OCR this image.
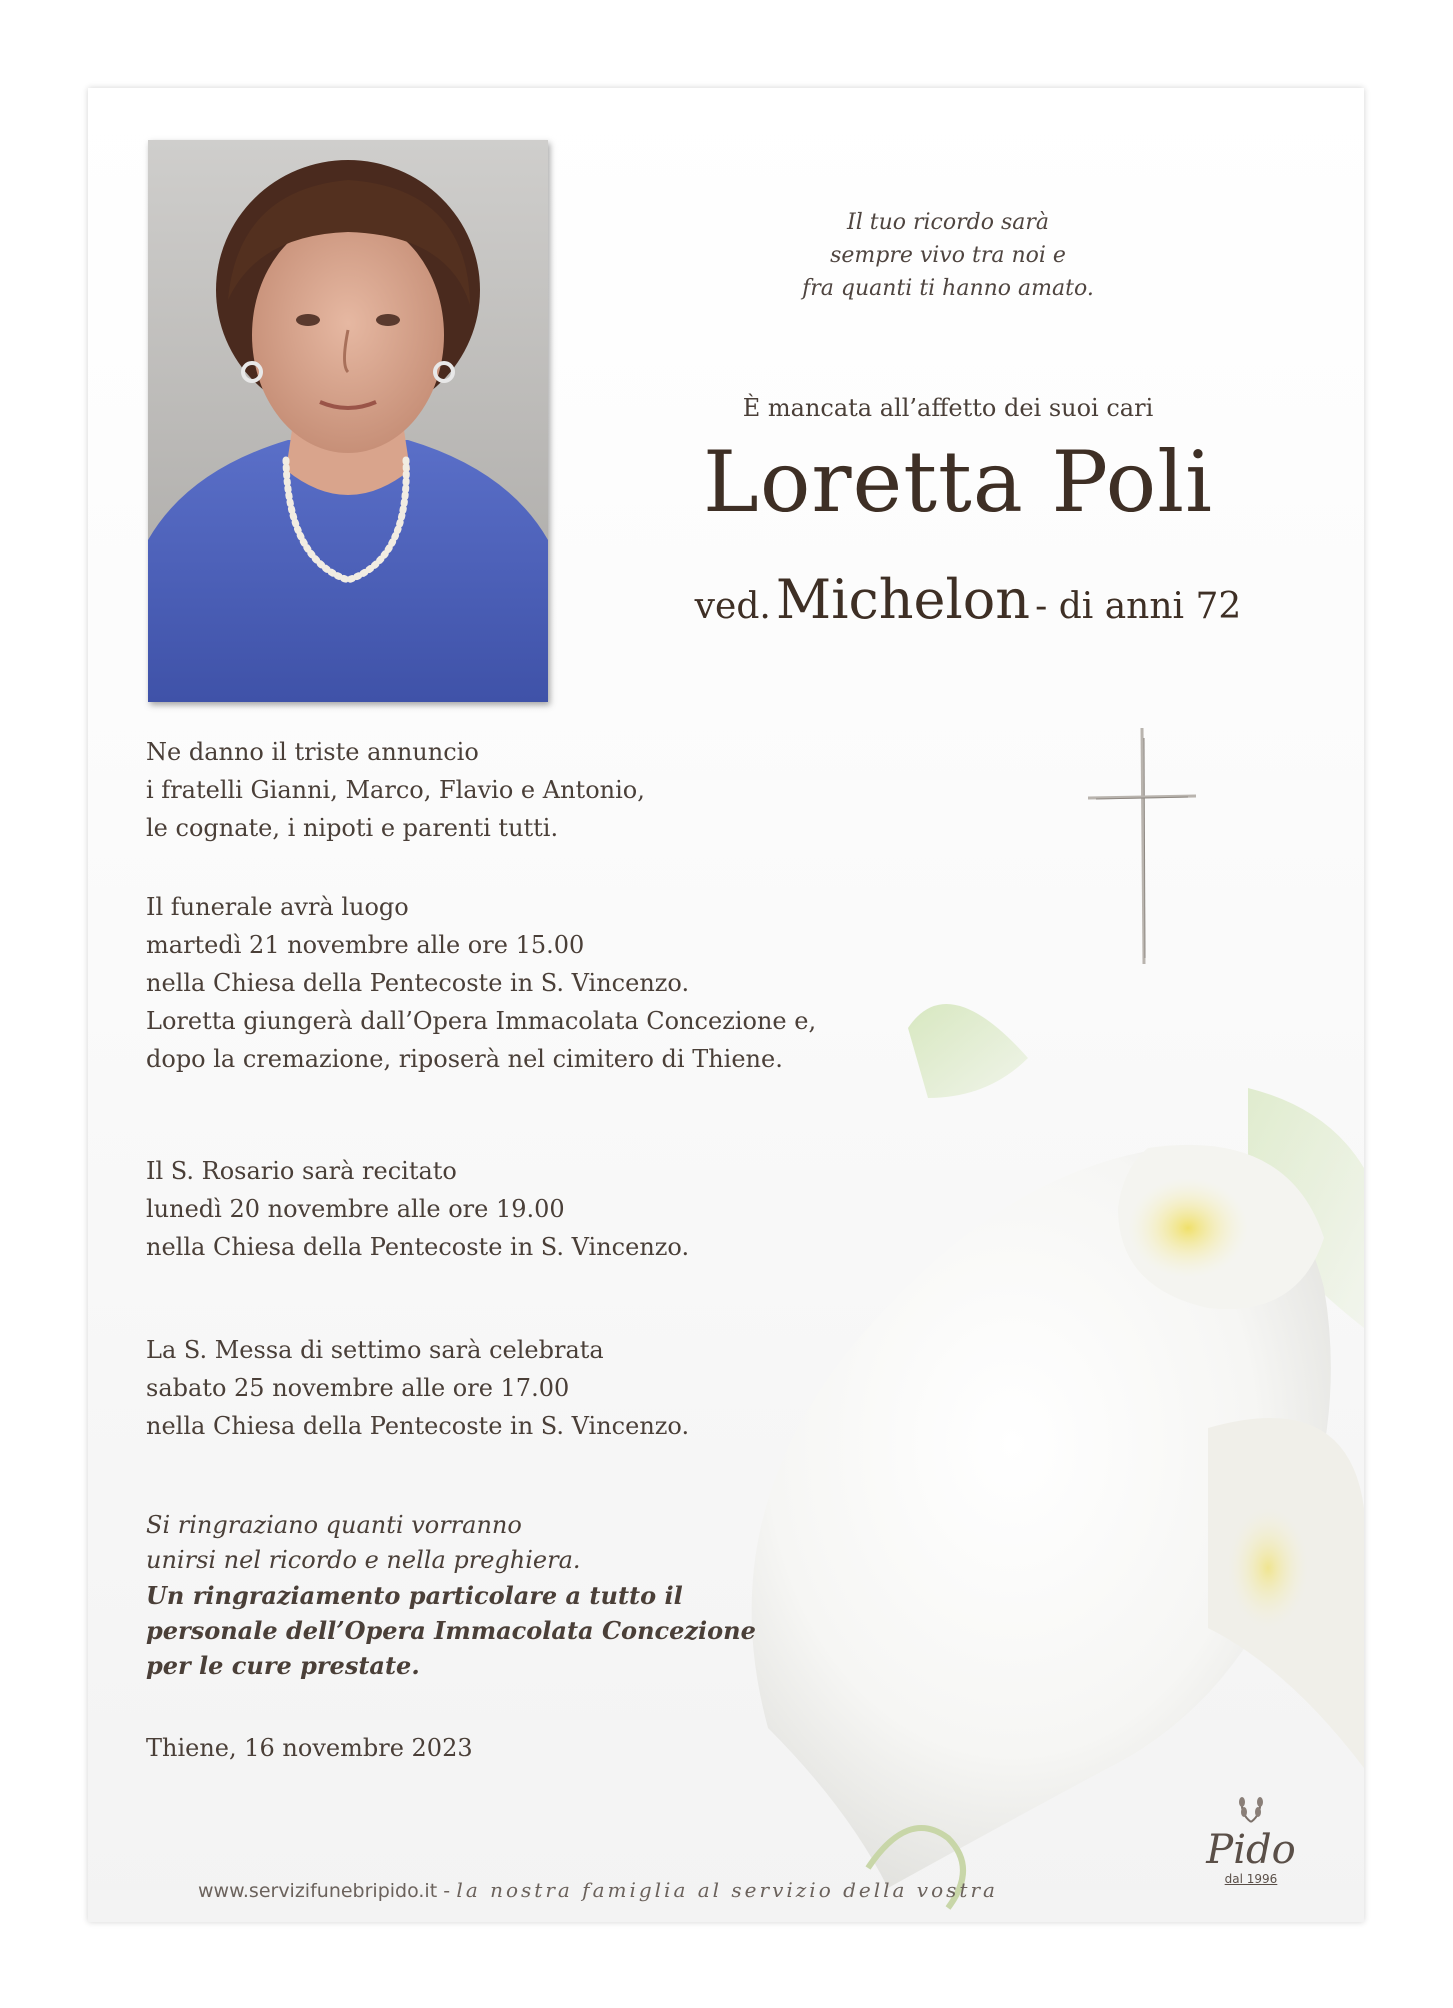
Il tuo ricordo sarà
sempre vivo tra noi e
fra quanti ti hanno amato.
È mancata all’affetto dei suoi cari
Loretta Poli
ved. Michelon - di anni 72
Ne danno il triste annuncio
i fratelli Gianni, Marco, Flavio e Antonio,
le cognate, i nipoti e parenti tutti.
Il funerale avrà luogo
martedì 21 novembre alle ore 15.00
nella Chiesa della Pentecoste in S. Vincenzo.
Loretta giungerà dall’Opera Immacolata Concezione e,
dopo la cremazione, riposerà nel cimitero di Thiene.
Il S. Rosario sarà recitato
lunedì 20 novembre alle ore 19.00
nella Chiesa della Pentecoste in S. Vincenzo.
La S. Messa di settimo sarà celebrata
sabato 25 novembre alle ore 17.00
nella Chiesa della Pentecoste in S. Vincenzo.
Si ringraziano quanti vorranno
unirsi nel ricordo e nella preghiera.
Un ringraziamento particolare a tutto il
personale dell’Opera Immacolata Concezione
per le cure prestate.
Thiene, 16 novembre 2023
www.servizifunebripido.it - la nostra famiglia al servizio della vostra
Pido
dal 1996
